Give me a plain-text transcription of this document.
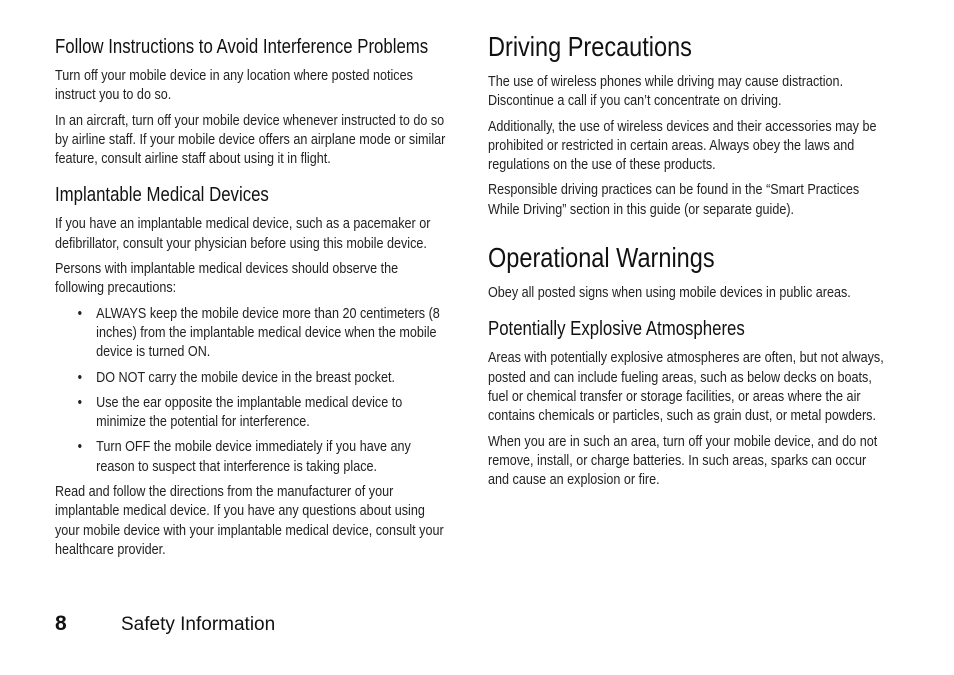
Follow Instructions to Avoid Interference Problems

Turn off your mobile device in any location where posted notices instruct you to do so.

In an aircraft, turn off your mobile device whenever instructed to do so by airline staff. If your mobile device offers an airplane mode or similar feature, consult airline staff about using it in flight.

Implantable Medical Devices

If you have an implantable medical device, such as a pacemaker or defibrillator, consult your physician before using this mobile device.

Persons with implantable medical devices should observe the following precautions:

• ALWAYS keep the mobile device more than 20 centimeters (8 inches) from the implantable medical device when the mobile device is turned ON.
• DO NOT carry the mobile device in the breast pocket.
• Use the ear opposite the implantable medical device to minimize the potential for interference.
• Turn OFF the mobile device immediately if you have any reason to suspect that interference is taking place.

Read and follow the directions from the manufacturer of your implantable medical device. If you have any questions about using your mobile device with your implantable medical device, consult your healthcare provider.

Driving Precautions

The use of wireless phones while driving may cause distraction. Discontinue a call if you can’t concentrate on driving.

Additionally, the use of wireless devices and their accessories may be prohibited or restricted in certain areas. Always obey the laws and regulations on the use of these products.

Responsible driving practices can be found in the “Smart Practices While Driving” section in this guide (or separate guide).

Operational Warnings

Obey all posted signs when using mobile devices in public areas.

Potentially Explosive Atmospheres

Areas with potentially explosive atmospheres are often, but not always, posted and can include fueling areas, such as below decks on boats, fuel or chemical transfer or storage facilities, or areas where the air contains chemicals or particles, such as grain dust, or metal powders.

When you are in such an area, turn off your mobile device, and do not remove, install, or charge batteries. In such areas, sparks can occur and cause an explosion or fire.

8	Safety Information
